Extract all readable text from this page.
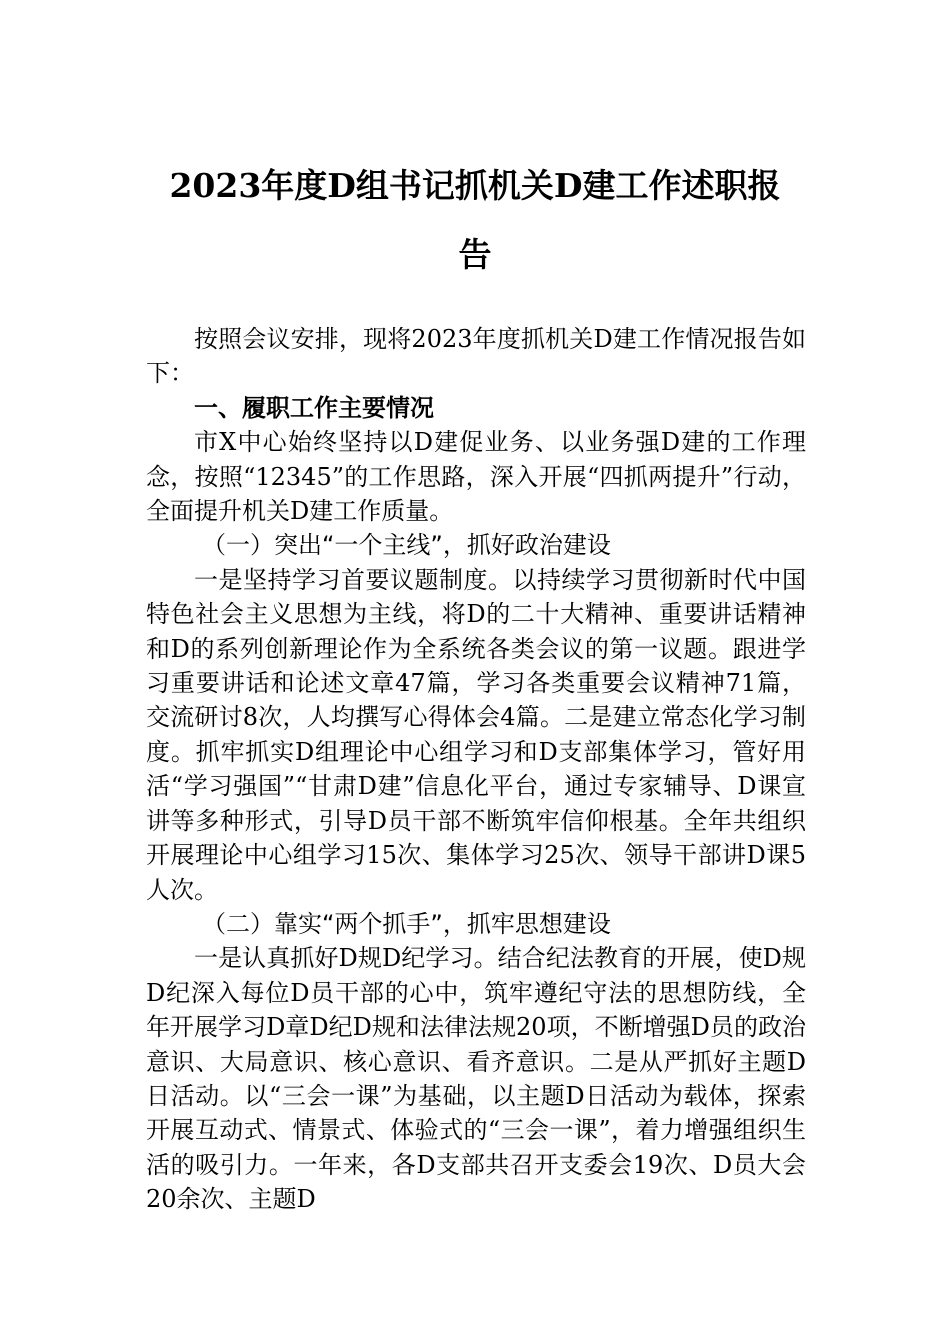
2023年度D组书记抓机关D建工作述职报
告

按照会议安排，现将2023年度抓机关D建工作情况报告如下：

一、履职工作主要情况

市X中心始终坚持以D建促业务、以业务强D建的工作理念，按照“12345”的工作思路，深入开展“四抓两提升”行动，全面提升机关D建工作质量。

（一）突出“一个主线”，抓好政治建设

一是坚持学习首要议题制度。以持续学习贯彻新时代中国特色社会主义思想为主线，将D的二十大精神、重要讲话精神和D的系列创新理论作为全系统各类会议的第一议题。跟进学习重要讲话和论述文章47篇，学习各类重要会议精神71篇，交流研讨8次，人均撰写心得体会4篇。二是建立常态化学习制度。抓牢抓实D组理论中心组学习和D支部集体学习，管好用活“学习强国”“甘肃D建”信息化平台，通过专家辅导、D课宣讲等多种形式，引导D员干部不断筑牢信仰根基。全年共组织开展理论中心组学习15次、集体学习25次、领导干部讲D课5人次。

（二）靠实“两个抓手”，抓牢思想建设

一是认真抓好D规D纪学习。结合纪法教育的开展，使D规D纪深入每位D员干部的心中，筑牢遵纪守法的思想防线，全年开展学习D章D纪D规和法律法规20项，不断增强D员的政治意识、大局意识、核心意识、看齐意识。二是从严抓好主题D日活动。以“三会一课”为基础，以主题D日活动为载体，探索开展互动式、情景式、体验式的“三会一课”，着力增强组织生活的吸引力。一年来，各D支部共召开支委会19次、D员大会20余次、主题D
